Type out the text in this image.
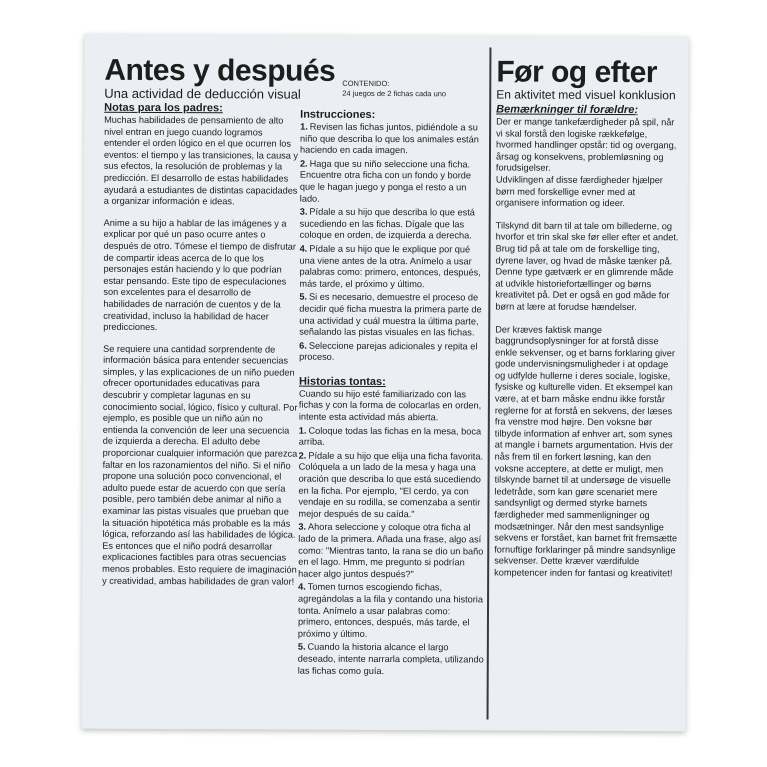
Antes y después
Una actividad de deducción visual
CONTENIDO:
24 juegos de 2 fichas cada uno
Notas para los padres:

Muchas habilidades de pensamiento de alto nivel entran en juego cuando logramos entender el orden lógico en el que ocurren los eventos: el tiempo y las transiciones, la causa y sus efectos, la resolución de problemas y la predicción. El desarrollo de estas habilidades ayudará a estudiantes de distintas capacidades a organizar información e ideas.

Anime a su hijo a hablar de las imágenes y a explicar por qué un paso ocurre antes o después de otro. Tómese el tiempo de disfrutar de compartir ideas acerca de lo que los personajes están haciendo y lo que podrían estar pensando. Este tipo de especulaciones son excelentes para el desarrollo de habilidades de narración de cuentos y de la creatividad, incluso la habilidad de hacer predicciones.

Se requiere una cantidad sorprendente de información básica para entender secuencias simples, y las explicaciones de un niño pueden ofrecer oportunidades educativas para descubrir y completar lagunas en su conocimiento social, lógico, físico y cultural. Por ejemplo, es posible que un niño aún no entienda la convención de leer una secuencia de izquierda a derecha. El adulto debe proporcionar cualquier información que parezca faltar en los razonamientos del niño. Si el niño propone una solución poco convencional, el adulto puede estar de acuerdo con que sería posible, pero también debe animar al niño a examinar las pistas visuales que prueban que la situación hipotética más probable es la más lógica, reforzando así las habilidades de lógica. Es entonces que el niño podrá desarrollar explicaciones factibles para otras secuencias menos probables. Esto requiere de imaginación y creatividad, ambas habilidades de gran valor!

Instrucciones:
1. Revisen las fichas juntos, pidiéndole a su niño que describa lo que los animales están haciendo en cada imagen.
2. Haga que su niño seleccione una ficha. Encuentre otra ficha con un fondo y borde que le hagan juego y ponga el resto a un lado.
3. Pídale a su hijo que describa lo que está sucediendo en las fichas. Dígale que las coloque en orden, de izquierda a derecha.
4. Pídale a su hijo que le explique por qué una viene antes de la otra. Anímelo a usar palabras como: primero, entonces, después, más tarde, el próximo y último.
5. Si es necesario, demuestre el proceso de decidir qué ficha muestra la primera parte de una actividad y cuál muestra la última parte, señalando las pistas visuales en las fichas.
6. Seleccione parejas adicionales y repita el proceso.
Historias tontas:
Cuando su hijo esté familiarizado con las fichas y con la forma de colocarlas en orden, intente esta actividad más abierta.
1. Coloque todas las fichas en la mesa, boca arriba.
2. Pídale a su hijo que elija una ficha favorita. Colóquela a un lado de la mesa y haga una oración que describa lo que está sucediendo en la ficha. Por ejemplo, "El cerdo, ya con vendaje en su rodilla, se comenzaba a sentir mejor después de su caída."
3. Ahora seleccione y coloque otra ficha al lado de la primera. Añada una frase, algo así como: "Mientras tanto, la rana se dio un baño en el lago. Hmm, me pregunto si podrían hacer algo juntos después?"
4. Tomen turnos escogiendo fichas, agregándolas a la fila y contando una historia tonta. Anímelo a usar palabras como: primero, entonces, después, más tarde, el próximo y último.
5. Cuando la historia alcance el largo deseado, intente narrarla completa, utilizando las fichas como guía.
Før og efter
En aktivitet med visuel konklusion
Bemærkninger til forældre:

Der er mange tankefærdigheder på spil, når vi skal forstå den logiske rækkefølge, hvormed handlinger opstår: tid og overgang, årsag og konsekvens, problemløsning og forudsigelser.
Udviklingen af disse færdigheder hjælper børn med forskellige evner med at organisere information og ideer.

Tilskynd dit barn til at tale om billederne, og hvorfor et trin skal ske før eller efter et andet. Brug tid på at tale om de forskellige ting, dyrene laver, og hvad de måske tænker på. Denne type gætværk er en glimrende måde at udvikle historiefortællinger og børns kreativitet på. Det er også en god måde for børn at lære at forudse hændelser.

Der kræves faktisk mange baggrundsoplysninger for at forstå disse enkle sekvenser, og et barns forklaring giver gode undervisningsmuligheder i at opdage og udfylde hullerne i deres sociale, logiske, fysiske og kulturelle viden. Et eksempel kan være, at et barn måske endnu ikke forstår reglerne for at forstå en sekvens, der læses fra venstre mod højre. Den voksne bør tilbyde information af enhver art, som synes at mangle i barnets argumentation. Hvis der nås frem til en forkert løsning, kan den voksne acceptere, at dette er muligt, men tilskynde barnet til at undersøge de visuelle ledetråde, som kan gøre scenariet mere sandsynligt og dermed styrke barnets færdigheder med sammenligninger og modsætninger. Når den mest sandsynlige sekvens er forstået, kan barnet frit fremsætte fornuftige forklaringer på mindre sandsynlige sekvenser. Dette kræver værdifulde kompetencer inden for fantasi og kreativitet!
